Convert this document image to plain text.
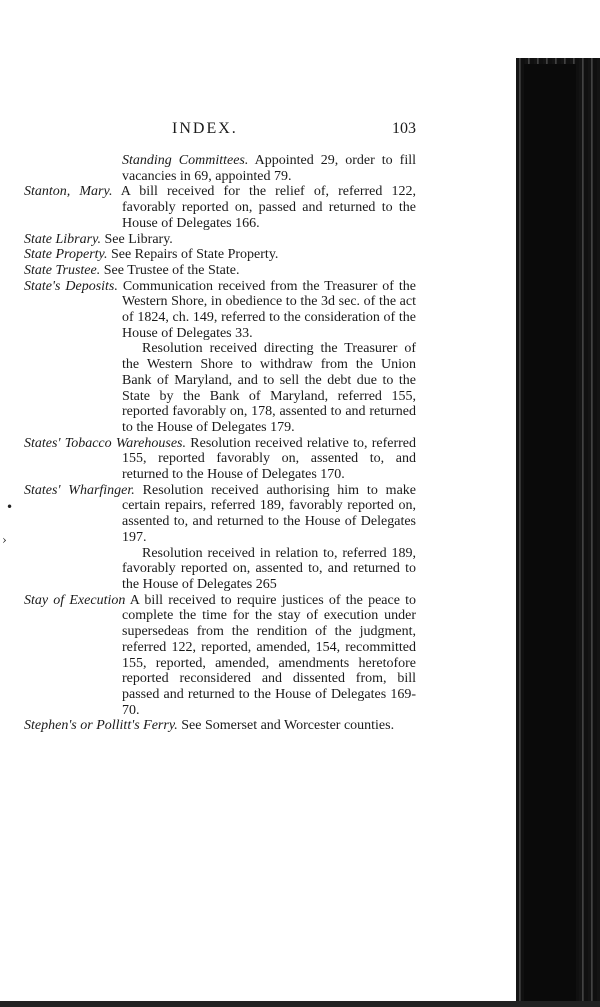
INDEX.	103
•
›
Standing Committees. Appointed 29, order to fill vacancies in 69, appointed 79.
Stanton, Mary. A bill received for the relief of, referred 122, favorably reported on, passed and returned to the House of Delegates 166.
State Library. See Library.
State Property. See Repairs of State Property.
State Trustee. See Trustee of the State.
State's Deposits. Communication received from the Treasurer of the Western Shore, in obedience to the 3d sec. of the act of 1824, ch. 149, referred to the consideration of the House of Delegates 33.
Resolution received directing the Treasurer of the Western Shore to withdraw from the Union Bank of Maryland, and to sell the debt due to the State by the Bank of Maryland, referred 155, reported favorably on, 178, assented to and returned to the House of Delegates 179.
States' Tobacco Warehouses. Resolution received relative to, referred 155, reported favorably on, assented to, and returned to the House of Delegates 170.
States' Wharfinger. Resolution received authorising him to make certain repairs, referred 189, favorably reported on, assented to, and returned to the House of Delegates 197.
Resolution received in relation to, referred 189, favorably reported on, assented to, and returned to the House of Delegates 265
Stay of Execution A bill received to require justices of the peace to complete the time for the stay of execution under supersedeas from the rendition of the judgment, referred 122, reported, amended, 154, recommitted 155, reported, amended, amendments heretofore reported reconsidered and dissented from, bill passed and returned to the House of Delegates 169-70.
Stephen's or Pollitt's Ferry. See Somerset and Worcester counties.
